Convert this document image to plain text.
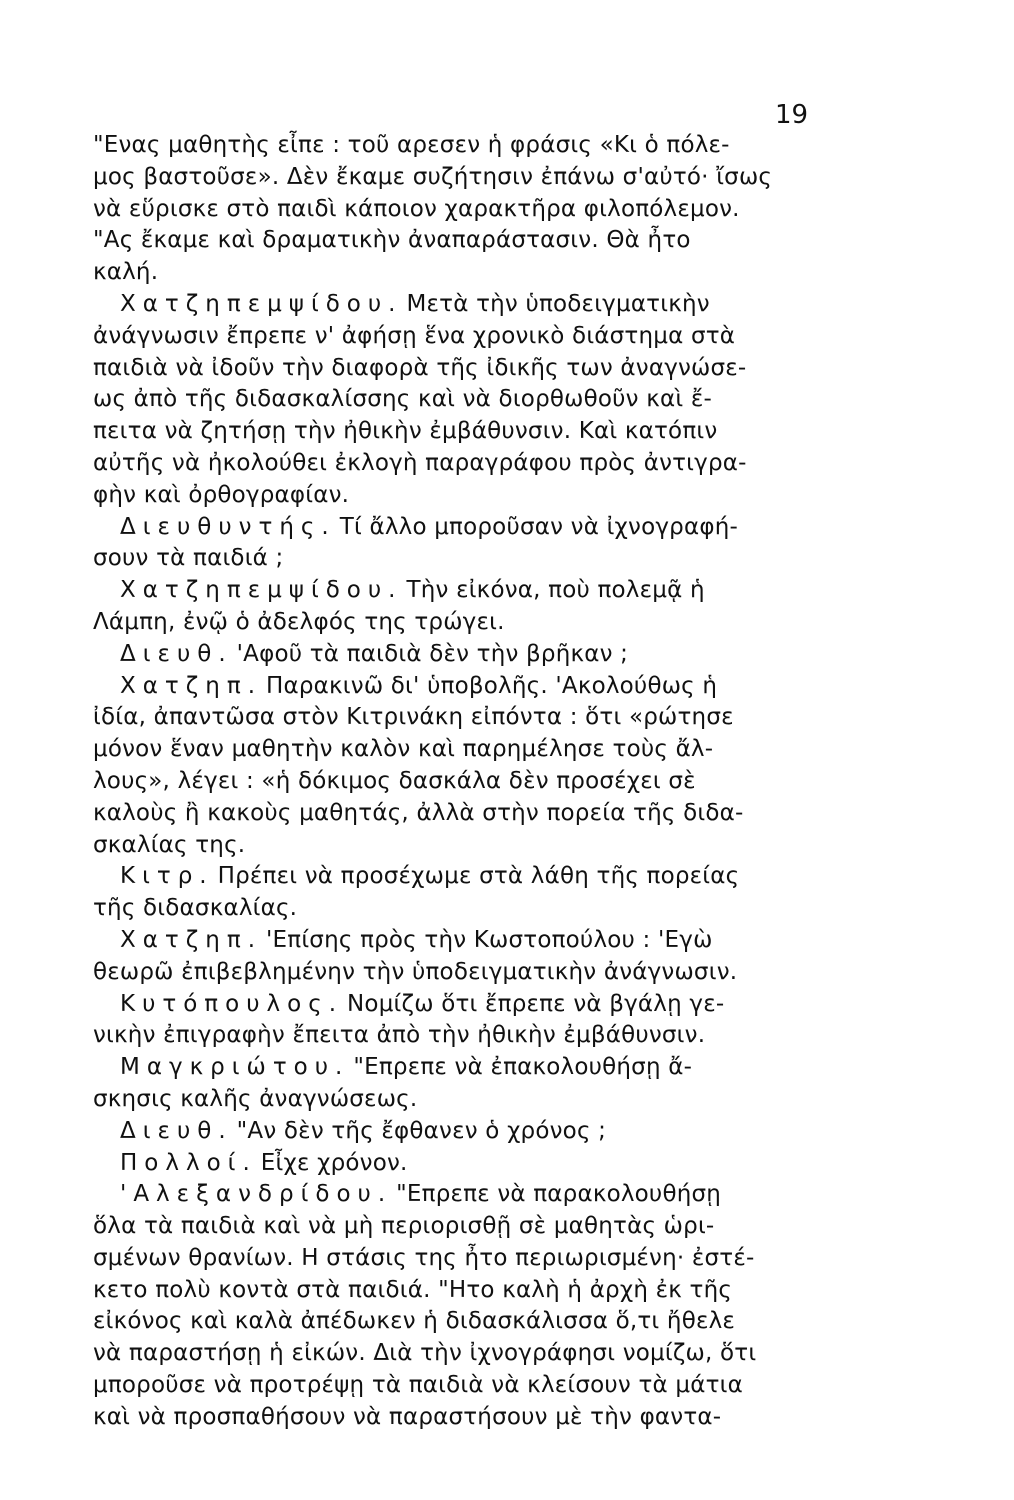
19
"Ενας μαθητὴς εἶπε : τοῦ αρεσεν ἡ φράσις «Κι ὁ πόλε-
μος βαστοῦσε». Δὲν ἔκαμε συζήτησιν ἐπάνω σ'αὐτό· ἴσως
νὰ εὕρισκε στὸ παιδὶ κάποιον χαρακτῆρα φιλοπόλεμον.
"Ας ἔκαμε καὶ δραματικὴν ἀναπαράστασιν. Θὰ ἦτο
καλή.
Χατζηπεμψίδου. Μετὰ τὴν ὑποδειγματικὴν
ἀνάγνωσιν ἔπρεπε ν' ἀφήσῃ ἕνα χρονικὸ διάστημα στὰ
παιδιὰ νὰ ἰδοῦν τὴν διαφορὰ τῆς ἰδικῆς των ἀναγνώσε-
ως ἀπὸ τῆς διδασκαλίσσης καὶ νὰ διορθωθοῦν καὶ ἔ-
πειτα νὰ ζητήσῃ τὴν ἠθικὴν ἐμβάθυνσιν. Καὶ κατόπιν
αὐτῆς νὰ ἠκολούθει ἐκλογὴ παραγράφου πρὸς ἀντιγρα-
φὴν καὶ ὀρθογραφίαν.
Διευθυντής. Τί ἄλλο μποροῦσαν νὰ ἰχνογραφή-
σουν τὰ παιδιά ;
Χατζηπεμψίδου. Τὴν εἰκόνα, ποὺ πολεμᾷ ἡ
Λάμπη, ἐνῷ ὁ ἀδελφός της τρώγει.
Διευθ. 'Αφοῦ τὰ παιδιὰ δὲν τὴν βρῆκαν ;
Χατζηπ. Παρακινῶ δι' ὑποβολῆς. 'Ακολούθως ἡ
ἰδία, ἀπαντῶσα στὸν Κιτρινάκη εἰπόντα : ὅτι «ρώτησε
μόνον ἕναν μαθητὴν καλὸν καὶ παρημέλησε τοὺς ἄλ-
λους», λέγει : «ἡ δόκιμος δασκάλα δὲν προσέχει σὲ
καλοὺς ἢ κακοὺς μαθητάς, ἀλλὰ στὴν πορεία τῆς διδα-
σκαλίας της.
Κιτρ. Πρέπει νὰ προσέχωμε στὰ λάθη τῆς πορείας
τῆς διδασκαλίας.
Χατζηπ. 'Επίσης πρὸς τὴν Κωστοπούλου : 'Εγὼ
θεωρῶ ἐπιβεβλημένην τὴν ὑποδειγματικὴν ἀνάγνωσιν.
Κυτόπουλος. Νομίζω ὅτι ἔπρεπε νὰ βγάλῃ γε-
νικὴν ἐπιγραφὴν ἔπειτα ἀπὸ τὴν ἠθικὴν ἐμβάθυνσιν.
Μαγκριώτου. "Επρεπε νὰ ἐπακολουθήσῃ ἄ-
σκησις καλῆς ἀναγνώσεως.
Διευθ. "Αν δὲν τῆς ἔφθανεν ὁ χρόνος ;
Πολλοί. Εἶχε χρόνον.
'Αλεξανδρίδου. "Επρεπε νὰ παρακολουθήσῃ
ὅλα τὰ παιδιὰ καὶ νὰ μὴ περιορισθῇ σὲ μαθητὰς ὡρι-
σμένων θρανίων. Η στάσις της ἦτο περιωρισμένη· ἐστέ-
κετο πολὺ κοντὰ στὰ παιδιά. "Ητο καλὴ ἡ ἀρχὴ ἐκ τῆς
εἰκόνος καὶ καλὰ ἀπέδωκεν ἡ διδασκάλισσα ὅ,τι ἤθελε
νὰ παραστήσῃ ἡ εἰκών. Διὰ τὴν ἰχνογράφησι νομίζω, ὅτι
μποροῦσε νὰ προτρέψῃ τὰ παιδιὰ νὰ κλείσουν τὰ μάτια
καὶ νὰ προσπαθήσουν νὰ παραστήσουν μὲ τὴν φαντα-
